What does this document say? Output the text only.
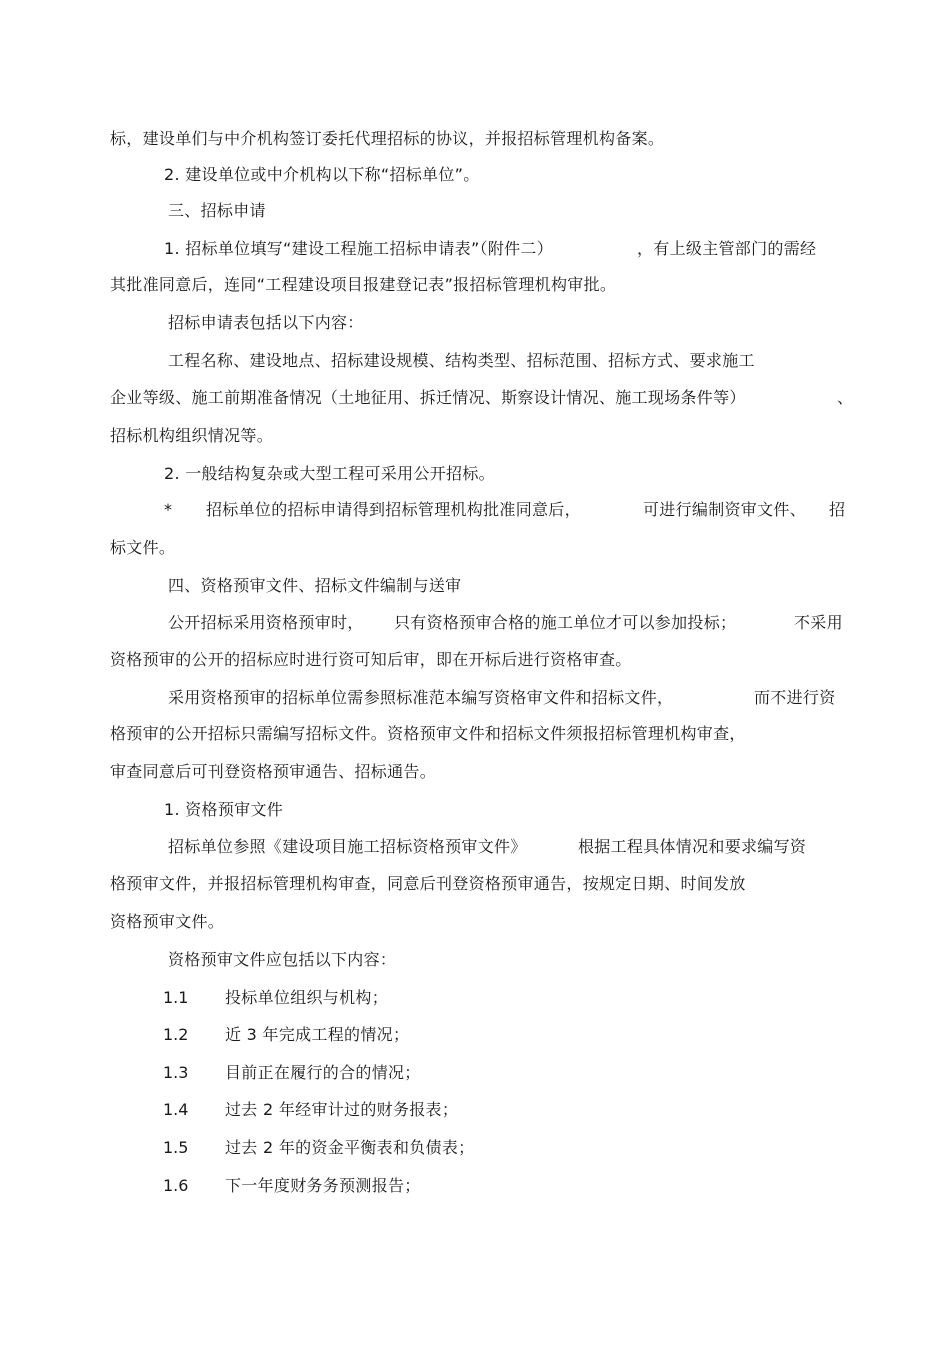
标，建设单们与中介机构签订委托代理招标的协议，并报招标管理机构备案。
2. 建设单位或中介机构以下称“招标单位”。
三、招标申请
1. 招标单位填写“建设工程施工招标申请表”（附件二）	，有上级主管部门的需经
其批准同意后，连同“工程建设项目报建登记表”报招标管理机构审批。
招标申请表包括以下内容：
工程名称、建设地点、招标建设规模、结构类型、招标范围、招标方式、要求施工
企业等级、施工前期准备情况（土地征用、拆迁情况、斯察设计情况、施工现场条件等）	、
招标机构组织情况等。
2. 一般结构复杂或大型工程可采用公开招标。
* 招标单位的招标申请得到招标管理机构批准同意后，	可进行编制资审文件、 招
标文件。
四、资格预审文件、招标文件编制与送审
公开招标采用资格预审时， 只有资格预审合格的施工单位才可以参加投标；	不采用
资格预审的公开的招标应时进行资可知后审，即在开标后进行资格审查。
采用资格预审的招标单位需参照标准范本编写资格审文件和招标文件，	而不进行资
格预审的公开招标只需编写招标文件。资格预审文件和招标文件须报招标管理机构审查，
审查同意后可刊登资格预审通告、招标通告。
1. 资格预审文件
招标单位参照《建设项目施工招标资格预审文件》	根据工程具体情况和要求编写资
格预审文件，并报招标管理机构审查，同意后刊登资格预审通告，按规定日期、时间发放
资格预审文件。
资格预审文件应包括以下内容：
1.1 投标单位组织与机构；
1.2 近 3 年完成工程的情况；
1.3 目前正在履行的合的情况；
1.4 过去 2 年经审计过的财务报表；
1.5 过去 2 年的资金平衡表和负债表；
1.6 下一年度财务务预测报告；
